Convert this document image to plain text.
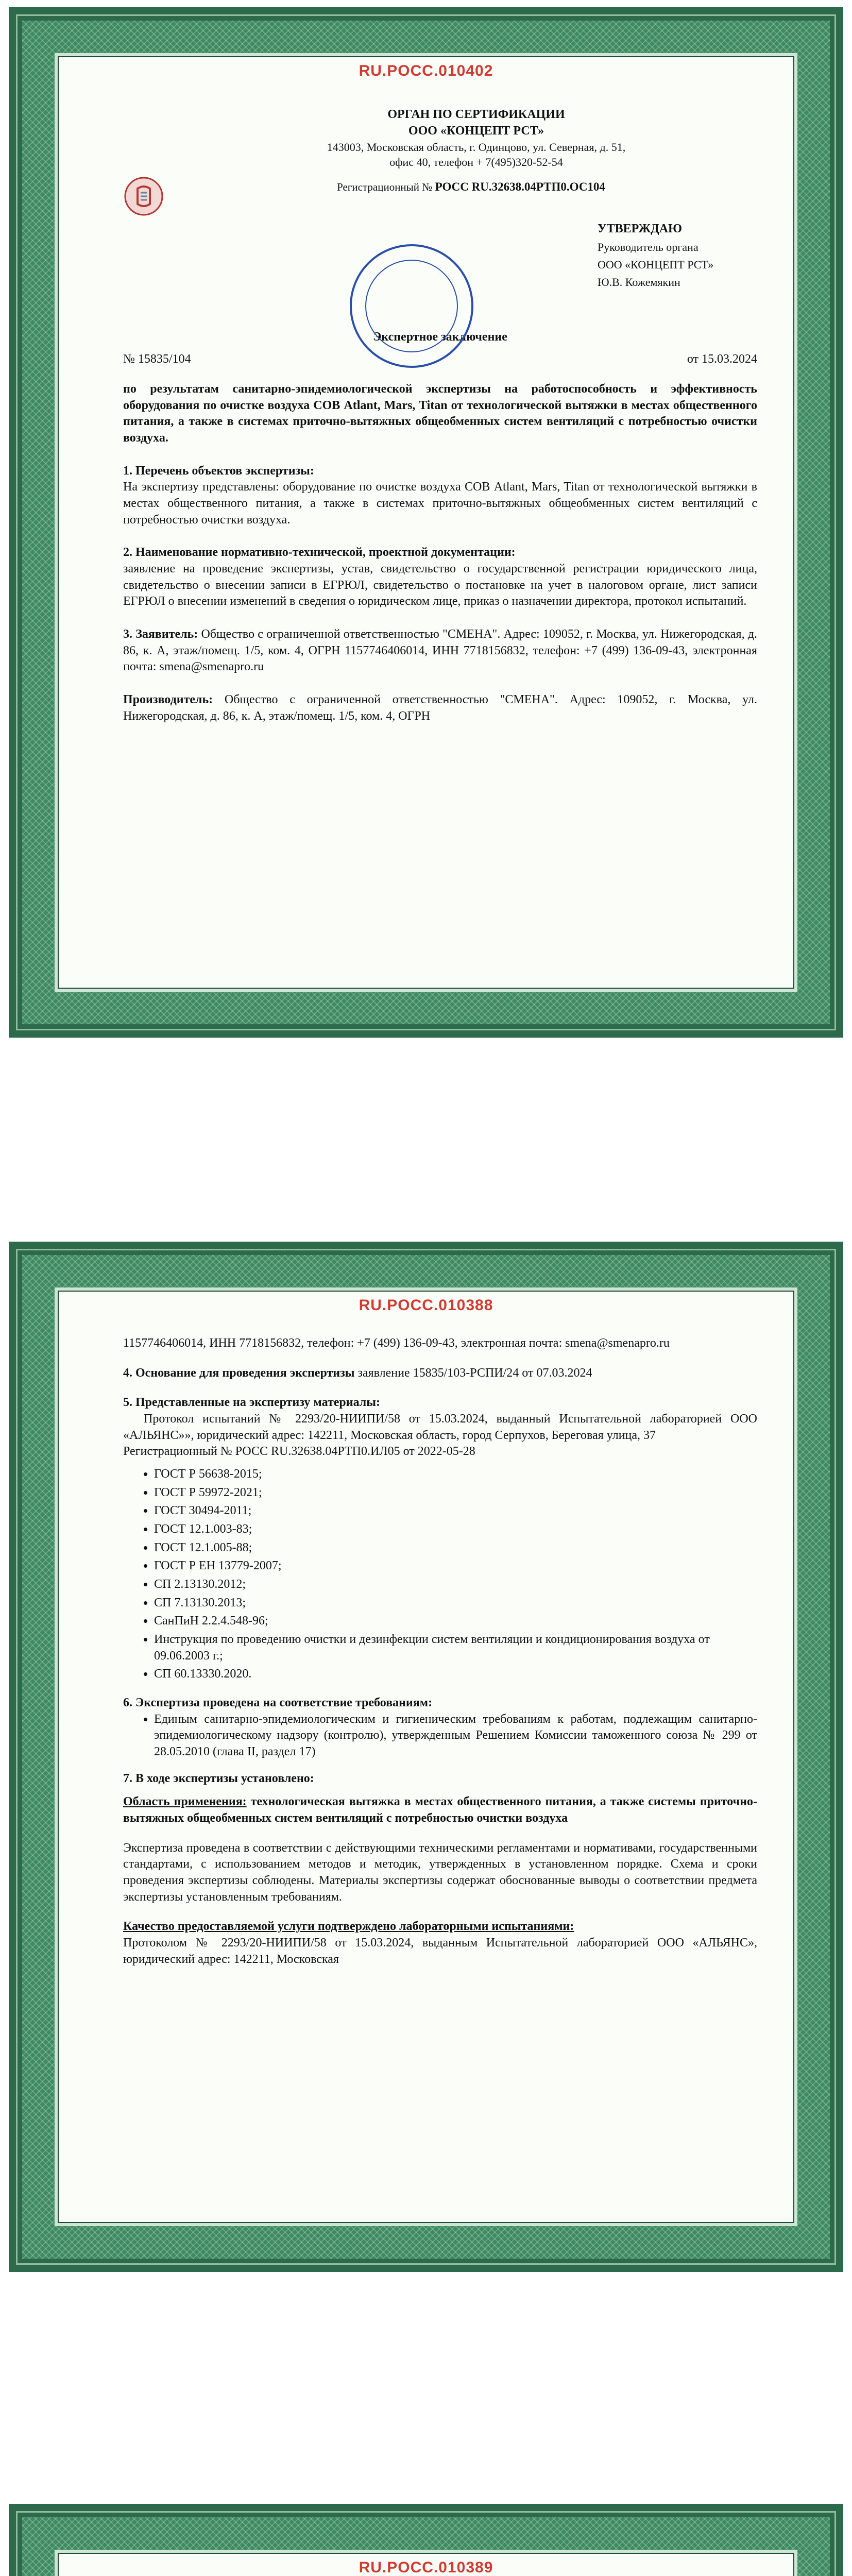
RU.POCC.010402
ОРГАН ПО СЕРТИФИКАЦИИ
ООО «КОНЦЕПТ РСТ»
143003, Московская область, г. Одинцово, ул. Северная, д. 51,
офис 40, телефон + 7(495)320-52-54
Регистрационный № РОСС RU.32638.04РТП0.ОС104
Экспертное заключение
№ 15835/104	от 15.03.2024

по результатам санитарно-эпидемиологической экспертизы на работоспособность и эффективность оборудования по очистке воздуха СОВ Atlant, Mars, Titan от технологической вытяжки в местах общественного питания, а также в системах приточно-вытяжных общеобменных систем вентиляций с потребностью очистки воздуха.

1. Перечень объектов экспертизы:

На экспертизу представлены: оборудование по очистке воздуха СОВ Atlant, Mars, Titan от технологической вытяжки в местах общественного питания, а также в системах приточно-вытяжных общеобменных систем вентиляций с потребностью очистки воздуха.

2. Наименование нормативно-технической, проектной документации:

заявление на проведение экспертизы, устав, свидетельство о государственной регистрации юридического лица, свидетельство о внесении записи в ЕГРЮЛ, свидетельство о постановке на учет в налоговом органе, лист записи ЕГРЮЛ о внесении изменений в сведения о юридическом лице, приказ о назначении директора, протокол испытаний.

3. Заявитель: Общество с ограниченной ответственностью "СМЕНА". Адрес: 109052, г. Москва, ул. Нижегородская, д. 86, к. А, этаж/помещ. 1/5, ком. 4, ОГРН 1157746406014, ИНН 7718156832, телефон: +7 (499) 136-09-43, электронная почта: smena@smenapro.ru

Производитель: Общество с ограниченной ответственностью "СМЕНА". Адрес: 109052, г. Москва, ул. Нижегородская, д. 86, к. А, этаж/помещ. 1/5, ком. 4, ОГРН

УТВЕРЖДАЮ
Руководитель органа
ООО «КОНЦЕПТ РСТ»
Ю.В. Кожемякин
RU.POCC.010388

1157746406014, ИНН 7718156832, телефон: +7 (499) 136-09-43, электронная почта: smena@smenapro.ru

4. Основание для проведения экспертизы заявление 15835/103-РСПИ/24 от 07.03.2024

5. Представленные на экспертизу материалы:

Протокол испытаний № 2293/20-НИИПИ/58 от 15.03.2024, выданный Испытательной лабораторией ООО «АЛЬЯНС»», юридический адрес: 142211, Московская область, город Серпухов, Береговая улица, 37

Регистрационный № РОСС RU.32638.04РТП0.ИЛ05 от 2022-05-28

• ГОСТ Р 56638-2015;
• ГОСТ Р 59972-2021;
• ГОСТ 30494-2011;
• ГОСТ 12.1.003-83;
• ГОСТ 12.1.005-88;
• ГОСТ Р ЕН 13779-2007;
• СП 2.13130.2012;
• СП 7.13130.2013;
• СанПиН 2.2.4.548-96;
• Инструкция по проведению очистки и дезинфекции систем вентиляции и кондиционирования воздуха от 09.06.2003 г.;
• СП 60.13330.2020.
6. Экспертиза проведена на соответствие требованиям:
• Единым санитарно-эпидемиологическим и гигиеническим требованиям к работам, подлежащим санитарно-эпидемиологическому надзору (контролю), утвержденным Решением Комиссии таможенного союза № 299 от 28.05.2010 (глава II, раздел 17)
7. В ходе экспертизы установлено:

Область применения: технологическая вытяжка в местах общественного питания, а также системы приточно-вытяжных общеобменных систем вентиляций с потребностью очистки воздуха

Экспертиза проведена в соответствии с действующими техническими регламентами и нормативами, государственными стандартами, с использованием методов и методик, утвержденных в установленном порядке. Схема и сроки проведения экспертизы соблюдены. Материалы экспертизы содержат обоснованные выводы о соответствии предмета экспертизы установленным требованиям.

Качество предоставляемой услуги подтверждено лабораторными испытаниями:

Протоколом № 2293/20-НИИПИ/58 от 15.03.2024, выданным Испытательной лабораторией ООО «АЛЬЯНС», юридический адрес: 142211, Московская

RU.POCC.010389
